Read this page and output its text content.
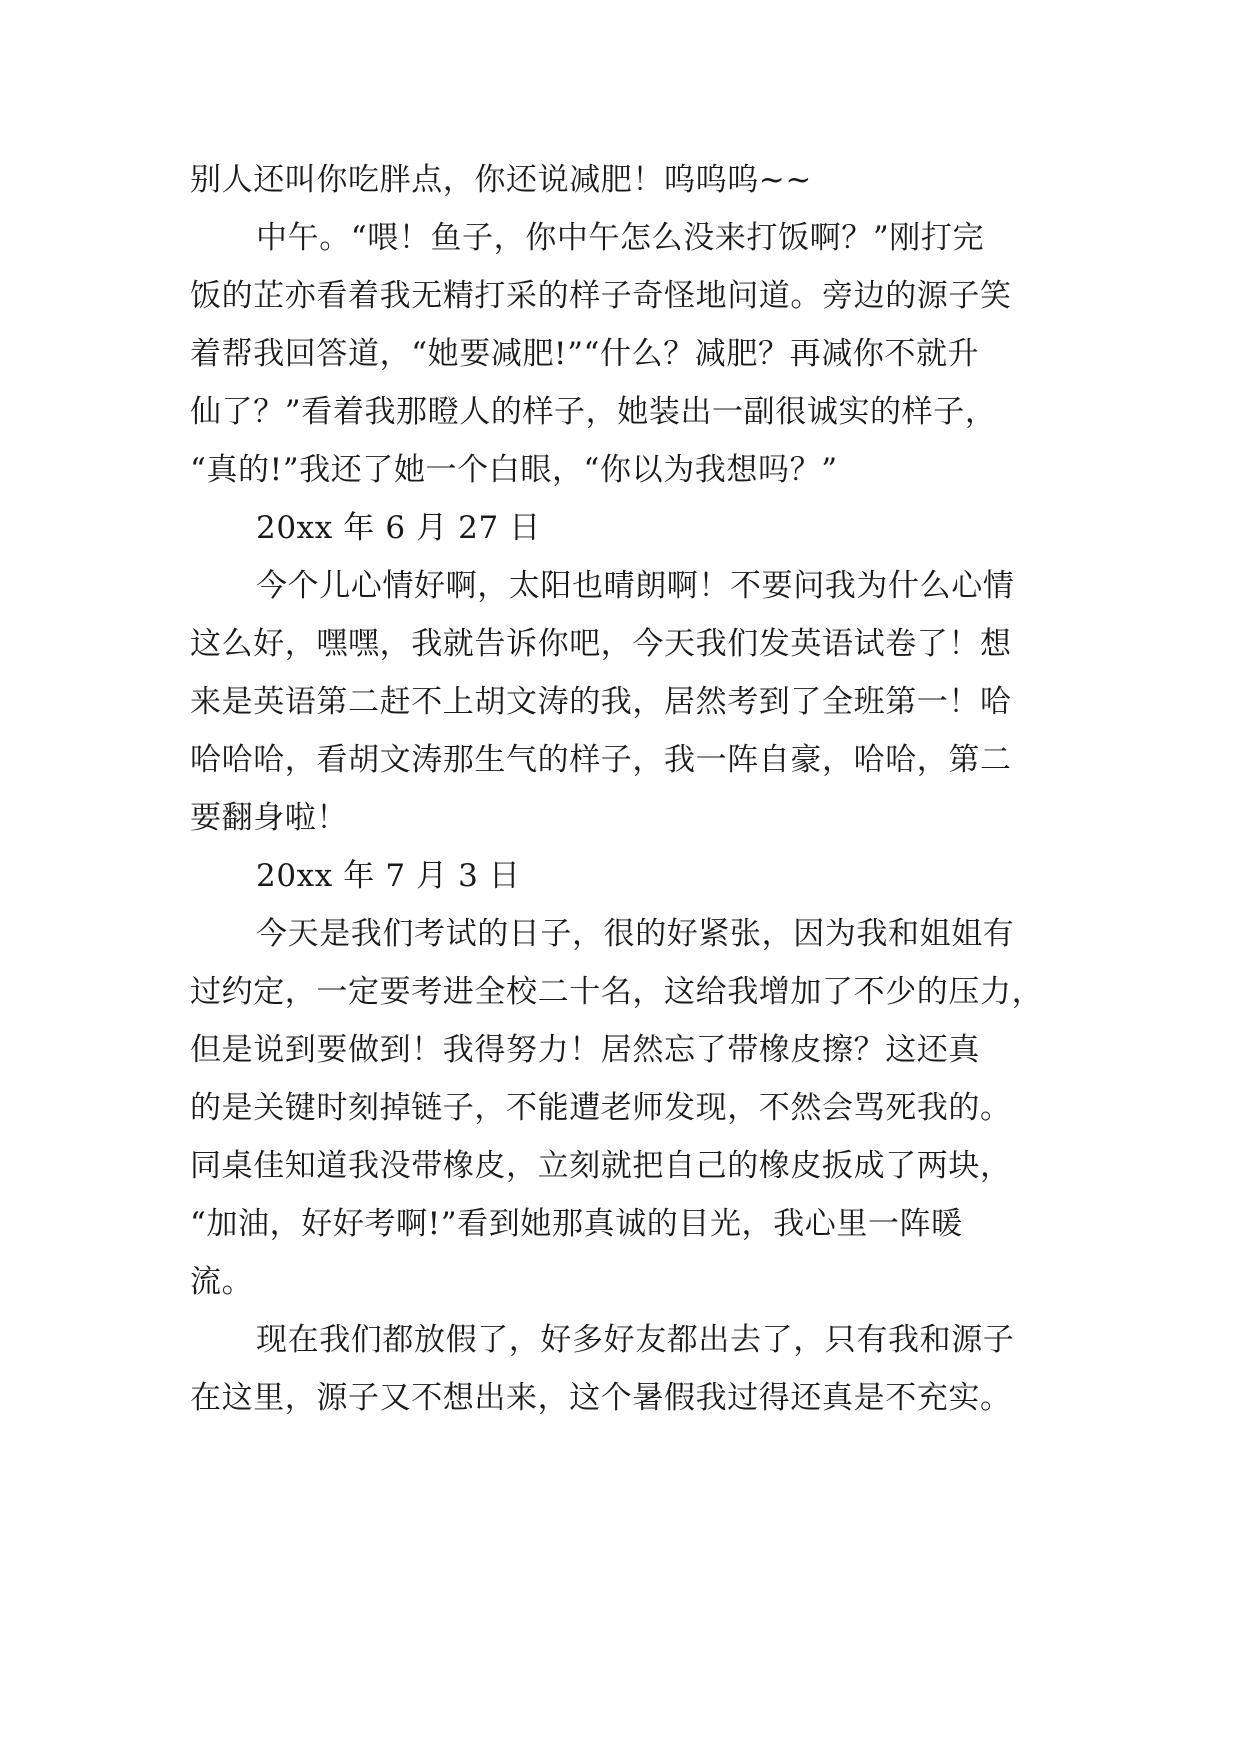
别人还叫你吃胖点，你还说减肥！呜呜呜~~
中午。“喂！鱼子，你中午怎么没来打饭啊？”刚打完
饭的芷亦看着我无精打采的样子奇怪地问道。旁边的源子笑
着帮我回答道，“她要减肥!”“什么？减肥？再减你不就升
仙了？”看着我那瞪人的样子，她装出一副很诚实的样子，
“真的!”我还了她一个白眼，“你以为我想吗？”
20xx 年 6 月 27 日
今个儿心情好啊，太阳也晴朗啊！不要问我为什么心情
这么好，嘿嘿，我就告诉你吧，今天我们发英语试卷了！想
来是英语第二赶不上胡文涛的我，居然考到了全班第一！哈
哈哈哈，看胡文涛那生气的样子，我一阵自豪，哈哈，第二
要翻身啦！
20xx 年 7 月 3 日
今天是我们考试的日子，很的好紧张，因为我和姐姐有
过约定，一定要考进全校二十名，这给我增加了不少的压力，
但是说到要做到！我得努力！居然忘了带橡皮擦？这还真
的是关键时刻掉链子，不能遭老师发现，不然会骂死我的。
同桌佳知道我没带橡皮，立刻就把自己的橡皮扳成了两块，
“加油，好好考啊!”看到她那真诚的目光，我心里一阵暖
流。
现在我们都放假了，好多好友都出去了，只有我和源子
在这里，源子又不想出来，这个暑假我过得还真是不充实。
